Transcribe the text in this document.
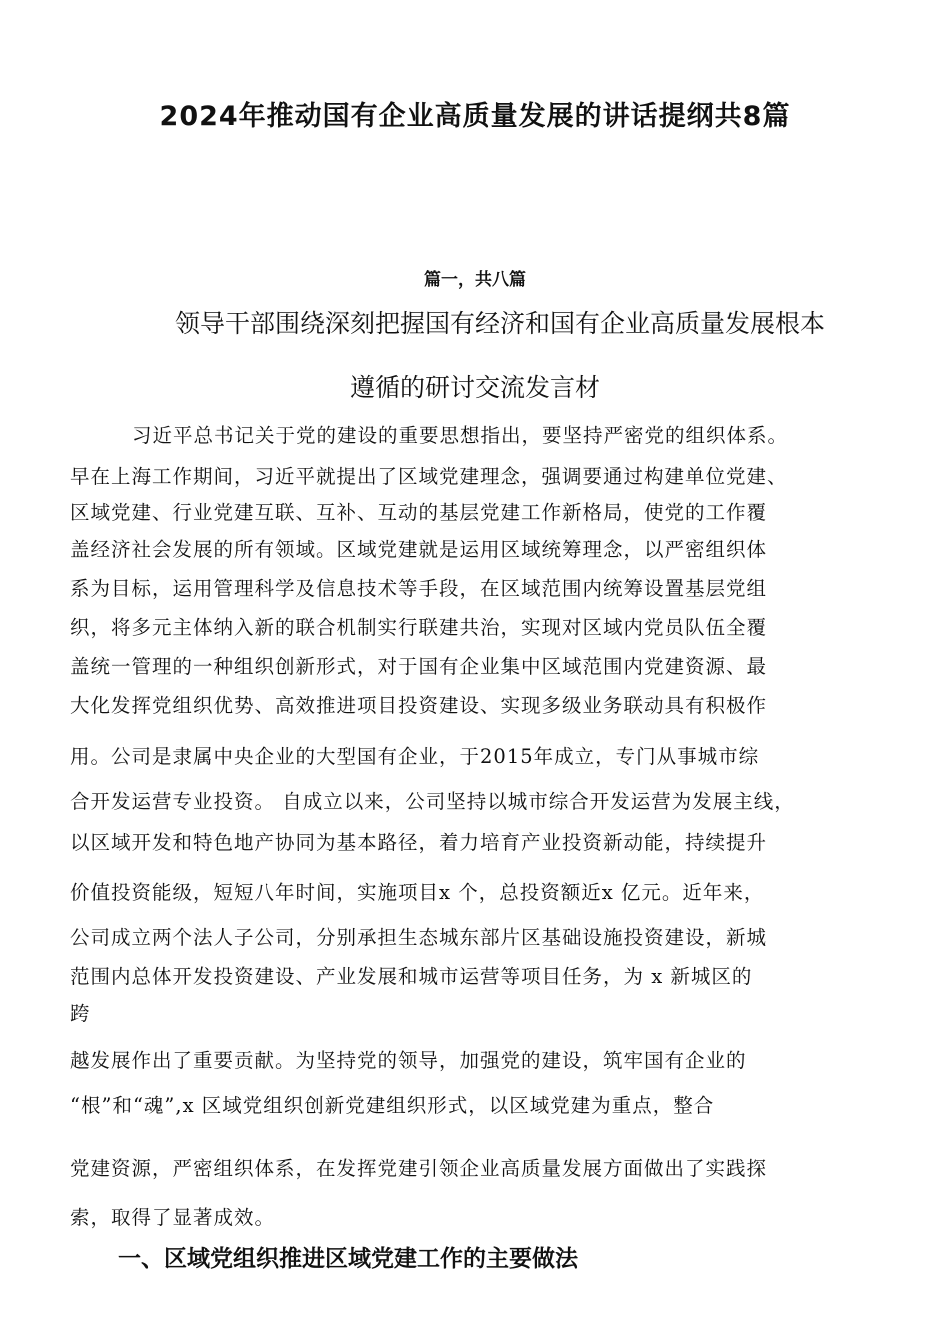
2024年推动国有企业高质量发展的讲话提纲共8篇

篇一，共八篇

领导干部围绕深刻把握国有经济和国有企业高质量发展根本

遵循的研讨交流发言材

习近平总书记关于党的建设的重要思想指出，要坚持严密党的组织体系。

早在上海工作期间，习近平就提出了区域党建理念，强调要通过构建单位党建、

区域党建、行业党建互联、互补、互动的基层党建工作新格局，使党的工作覆

盖经济社会发展的所有领域。区域党建就是运用区域统筹理念，以严密组织体

系为目标，运用管理科学及信息技术等手段，在区域范围内统筹设置基层党组

织，将多元主体纳入新的联合机制实行联建共治，实现对区域内党员队伍全覆

盖统一管理的一种组织创新形式，对于国有企业集中区域范围内党建资源、最

大化发挥党组织优势、高效推进项目投资建设、实现多级业务联动具有积极作

用。公司是隶属中央企业的大型国有企业，于2015年成立，专门从事城市综

合开发运营专业投资。 自成立以来，公司坚持以城市综合开发运营为发展主线，

以区域开发和特色地产协同为基本路径，着力培育产业投资新动能，持续提升

价值投资能级，短短八年时间，实施项目x 个，总投资额近x 亿元。近年来，

公司成立两个法人子公司，分别承担生态城东部片区基础设施投资建设，新城

范围内总体开发投资建设、产业发展和城市运营等项目任务，为 x 新城区的

跨

越发展作出了重要贡献。为坚持党的领导，加强党的建设，筑牢国有企业的

“根”和“魂”,x 区域党组织创新党建组织形式，以区域党建为重点，整合

党建资源，严密组织体系，在发挥党建引领企业高质量发展方面做出了实践探

索，取得了显著成效。

一、区域党组织推进区域党建工作的主要做法
